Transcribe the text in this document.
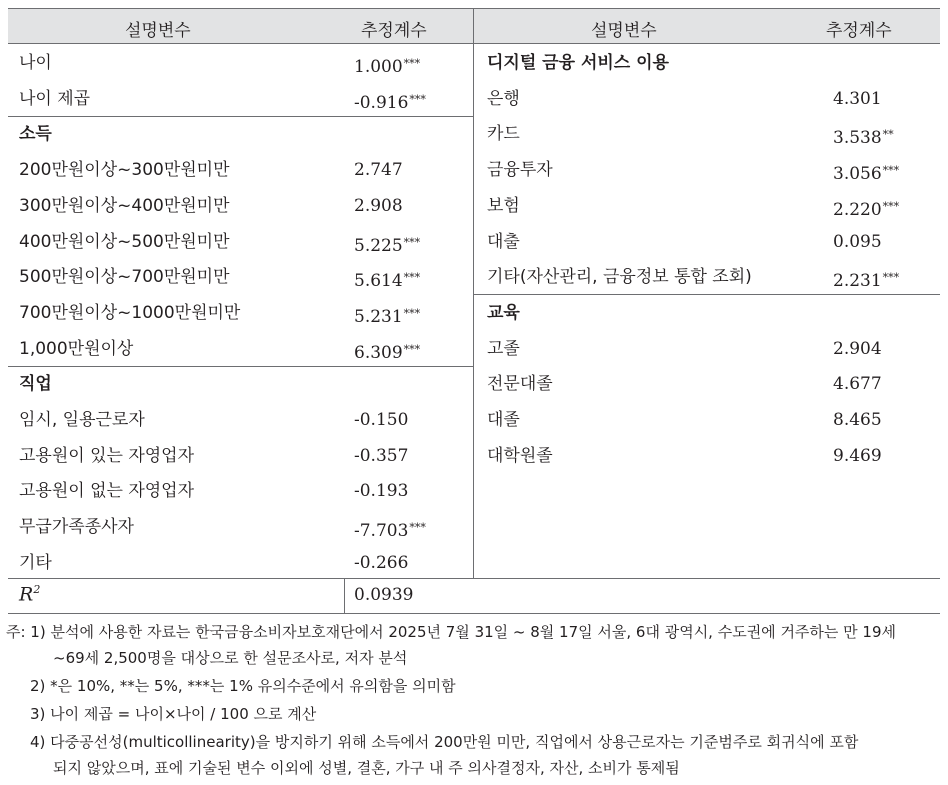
설명변수	추정계수	설명변수	추정계수
나이	1.000***
나이 제곱	-0.916***
소득
200만원이상~300만원미만	2.747
300만원이상~400만원미만	2.908
400만원이상~500만원미만	5.225***
500만원이상~700만원미만	5.614***
700만원이상~1000만원미만	5.231***
1,000만원이상	6.309***
직업
임시, 일용근로자	-0.150
고용원이 있는 자영업자	-0.357
고용원이 없는 자영업자	-0.193
무급가족종사자	-7.703***
기타	-0.266
디지털 금융 서비스 이용
은행	4.301
카드	3.538**
금융투자	3.056***
보험	2.220***
대출	0.095
기타(자산관리, 금융정보 통합 조회)	2.231***
교육
고졸	2.904
전문대졸	4.677
대졸	8.465
대학원졸	9.469
$R^2$	0.0939
주: 1) 분석에 사용한 자료는 한국금융소비자보호재단에서 2025년 7월 31일 ~ 8월 17일 서울, 6대 광역시, 수도권에 거주하는 만 19세
~69세 2,500명을 대상으로 한 설문조사로, 저자 분석
2) *은 10%, **는 5%, ***는 1% 유의수준에서 유의함을 의미함
3) 나이 제곱 = 나이×나이 / 100 으로 계산
4) 다중공선성(multicollinearity)을 방지하기 위해 소득에서 200만원 미만, 직업에서 상용근로자는 기준범주로 회귀식에 포함
되지 않았으며, 표에 기술된 변수 이외에 성별, 결혼, 가구 내 주 의사결정자, 자산, 소비가 통제됨
